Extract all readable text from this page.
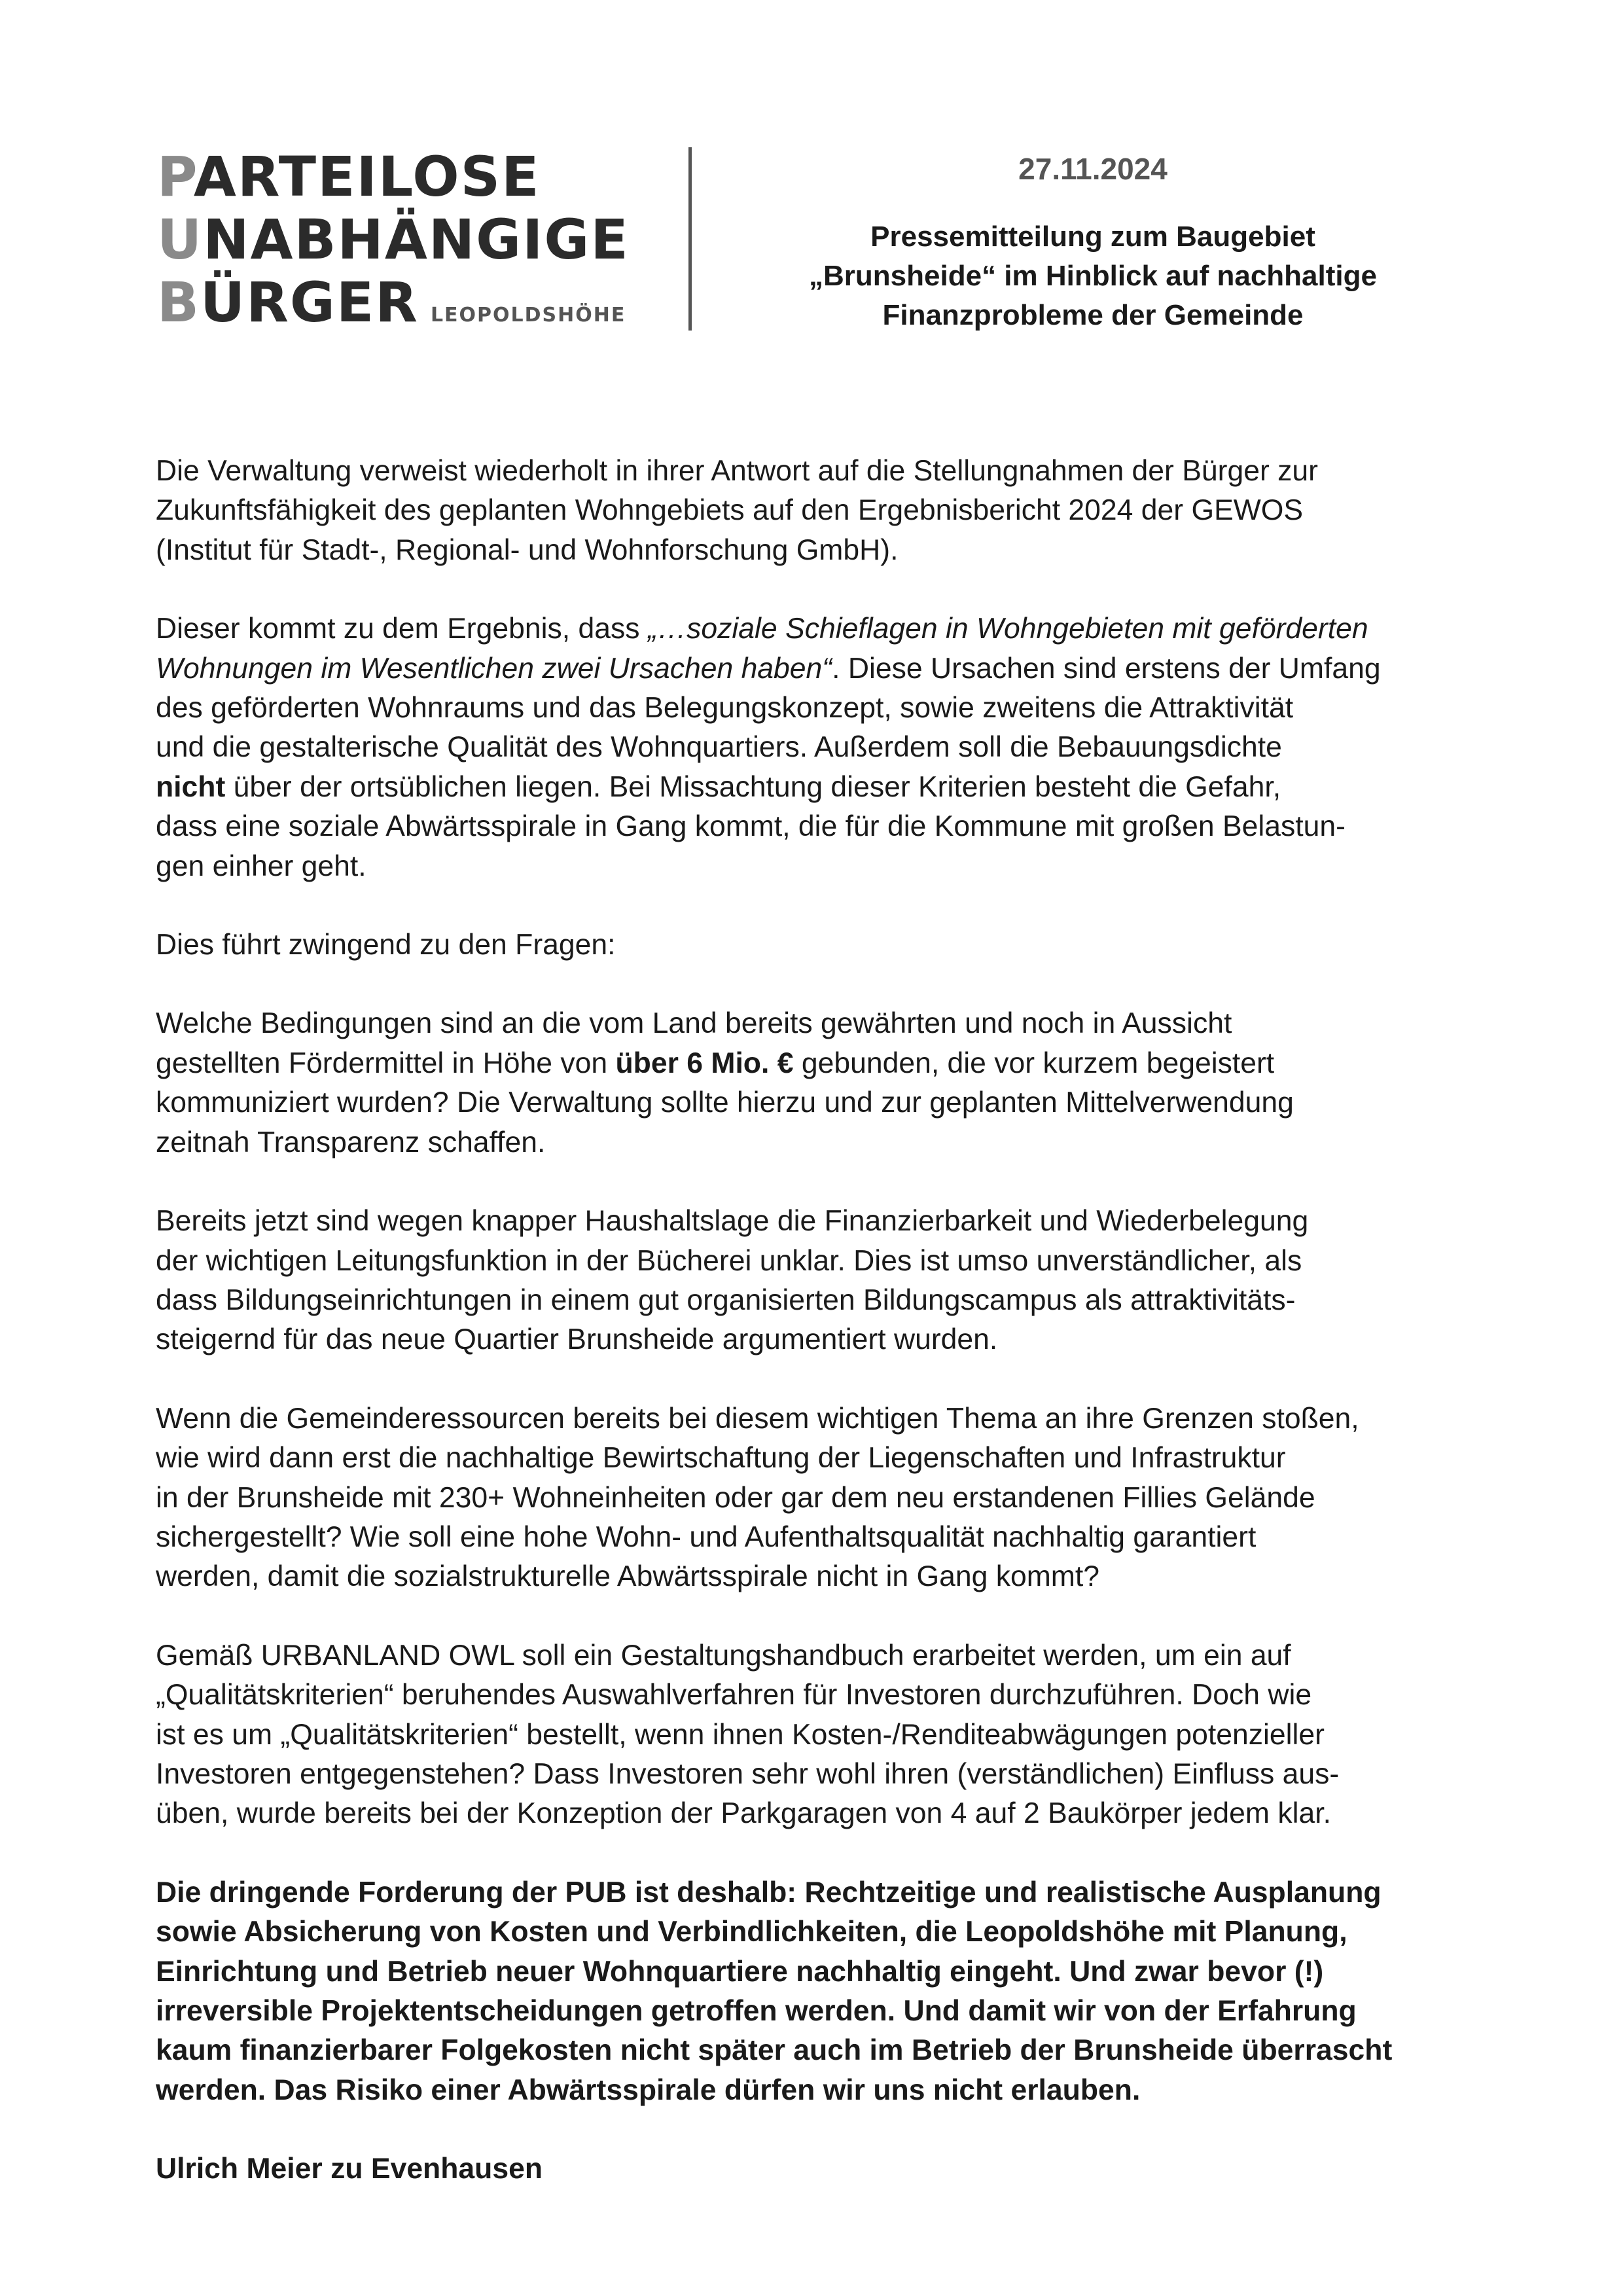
PARTEILOSE
UNABHÄNGIGE
BÜRGER LEOPOLDSHÖHE
27.11.2024
Pressemitteilung zum Baugebiet
„Brunsheide“ im Hinblick auf nachhaltige
Finanzprobleme der Gemeinde

Die Verwaltung verweist wiederholt in ihrer Antwort auf die Stellungnahmen der Bürger zur
Zukunftsfähigkeit des geplanten Wohngebiets auf den Ergebnisbericht 2024 der GEWOS
(Institut für Stadt-, Regional- und Wohnforschung GmbH).

Dieser kommt zu dem Ergebnis, dass „…soziale Schieflagen in Wohngebieten mit geförderten
Wohnungen im Wesentlichen zwei Ursachen haben“. Diese Ursachen sind erstens der Umfang
des geförderten Wohnraums und das Belegungskonzept, sowie zweitens die Attraktivität
und die gestalterische Qualität des Wohnquartiers. Außerdem soll die Bebauungsdichte
nicht über der ortsüblichen liegen. Bei Missachtung dieser Kriterien besteht die Gefahr,
dass eine soziale Abwärtsspirale in Gang kommt, die für die Kommune mit großen Belastun-
gen einher geht.

Dies führt zwingend zu den Fragen:

Welche Bedingungen sind an die vom Land bereits gewährten und noch in Aussicht
gestellten Fördermittel in Höhe von über 6 Mio. € gebunden, die vor kurzem begeistert
kommuniziert wurden? Die Verwaltung sollte hierzu und zur geplanten Mittelverwendung
zeitnah Transparenz schaffen.

Bereits jetzt sind wegen knapper Haushaltslage die Finanzierbarkeit und Wiederbelegung
der wichtigen Leitungsfunktion in der Bücherei unklar. Dies ist umso unverständlicher, als
dass Bildungseinrichtungen in einem gut organisierten Bildungscampus als attraktivitäts-
steigernd für das neue Quartier Brunsheide argumentiert wurden.

Wenn die Gemeinderessourcen bereits bei diesem wichtigen Thema an ihre Grenzen stoßen,
wie wird dann erst die nachhaltige Bewirtschaftung der Liegenschaften und Infrastruktur
in der Brunsheide mit 230+ Wohneinheiten oder gar dem neu erstandenen Fillies Gelände
sichergestellt? Wie soll eine hohe Wohn- und Aufenthaltsqualität nachhaltig garantiert
werden, damit die sozialstrukturelle Abwärtsspirale nicht in Gang kommt?

Gemäß URBANLAND OWL soll ein Gestaltungshandbuch erarbeitet werden, um ein auf
„Qualitätskriterien“ beruhendes Auswahlverfahren für Investoren durchzuführen. Doch wie
ist es um „Qualitätskriterien“ bestellt, wenn ihnen Kosten-/Renditeabwägungen potenzieller
Investoren entgegenstehen? Dass Investoren sehr wohl ihren (verständlichen) Einfluss aus-
üben, wurde bereits bei der Konzeption der Parkgaragen von 4 auf 2 Baukörper jedem klar.

Die dringende Forderung der PUB ist deshalb: Rechtzeitige und realistische Ausplanung
sowie Absicherung von Kosten und Verbindlichkeiten, die Leopoldshöhe mit Planung,
Einrichtung und Betrieb neuer Wohnquartiere nachhaltig eingeht. Und zwar bevor (!)
irreversible Projektentscheidungen getroffen werden. Und damit wir von der Erfahrung
kaum finanzierbarer Folgekosten nicht später auch im Betrieb der Brunsheide überrascht
werden. Das Risiko einer Abwärtsspirale dürfen wir uns nicht erlauben.

Ulrich Meier zu Evenhausen
